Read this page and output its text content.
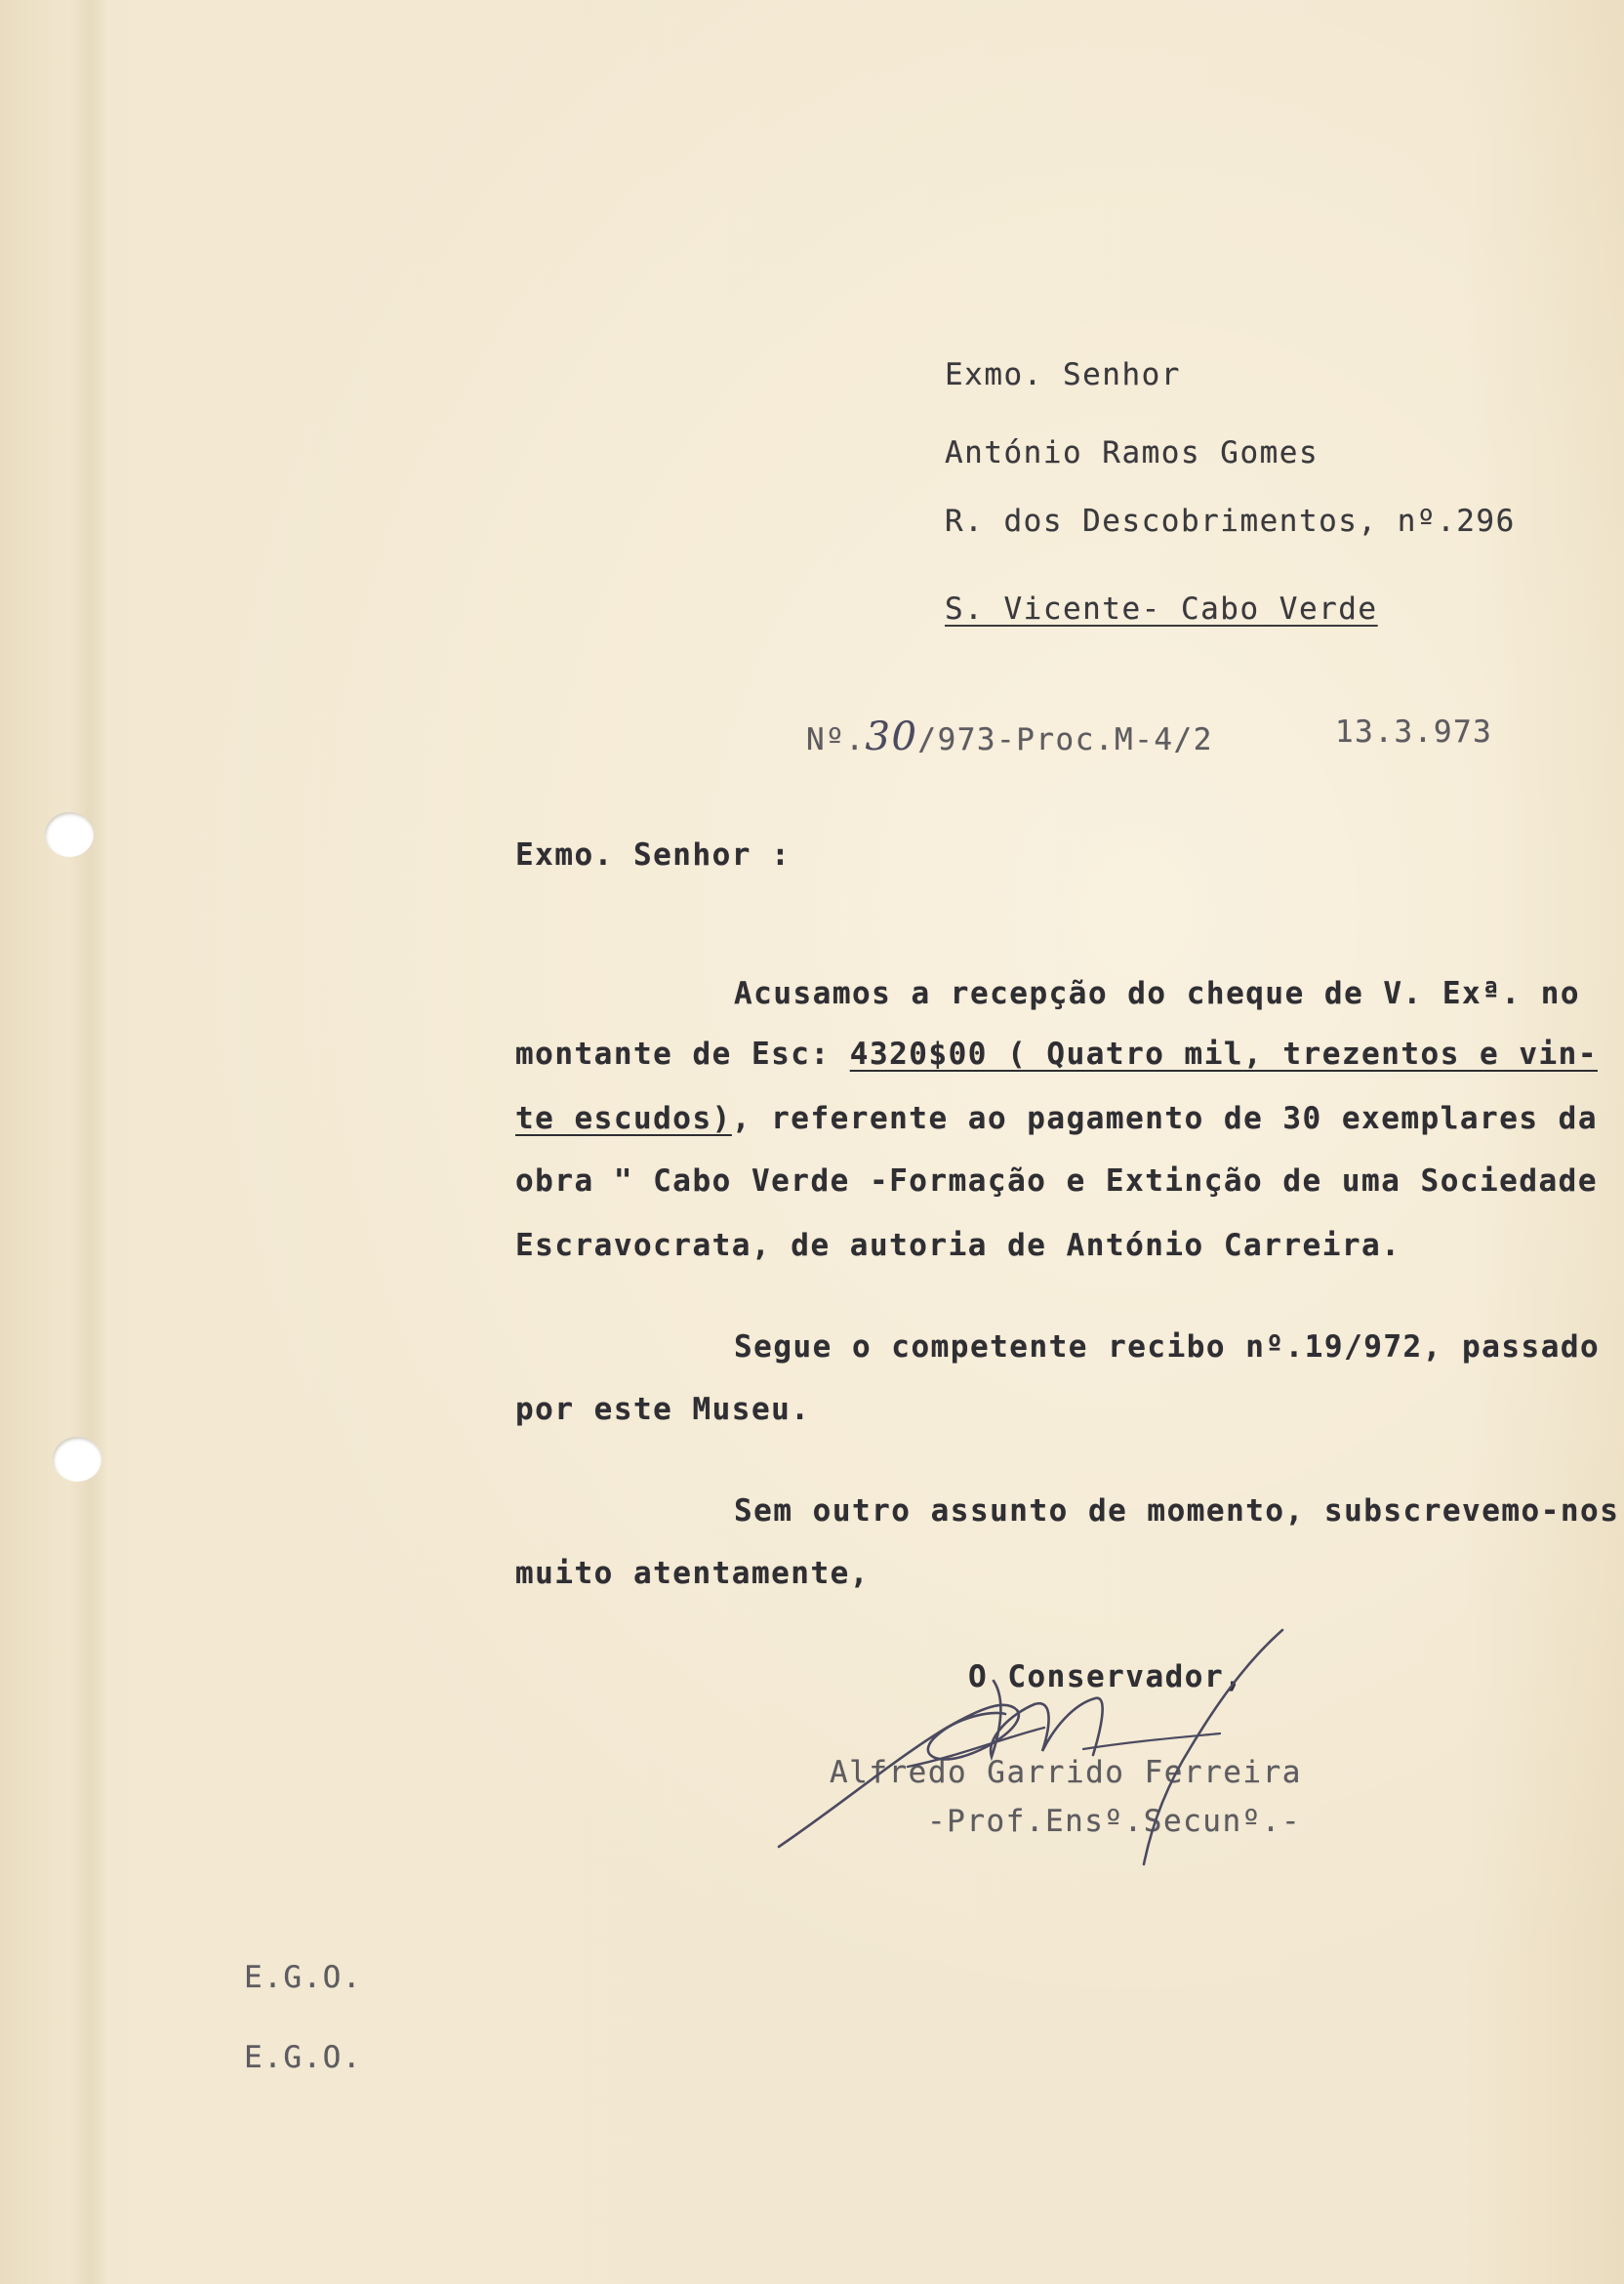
Exmo. Senhor
António Ramos Gomes
R. dos Descobrimentos, nº.296
S. Vicente- Cabo Verde
Nº.30/973-Proc.M-4/2	13.3.973
Exmo. Senhor :
Acusamos a recepção do cheque de V. Exª. no
montante de Esc: 4320$00 ( Quatro mil, trezentos e vin-
te escudos), referente ao pagamento de 30 exemplares da
obra " Cabo Verde -Formação e Extinção de uma Sociedade
Escravocrata, de autoria de António Carreira.
Segue o competente recibo nº.19/972, passado
por este Museu.
Sem outro assunto de momento, subscrevemo-nos
muito atentamente,
O Conservador,
Alfredo Garrido Ferreira
-Prof.Ensº.Secunº.-
E.G.O.
E.G.O.
